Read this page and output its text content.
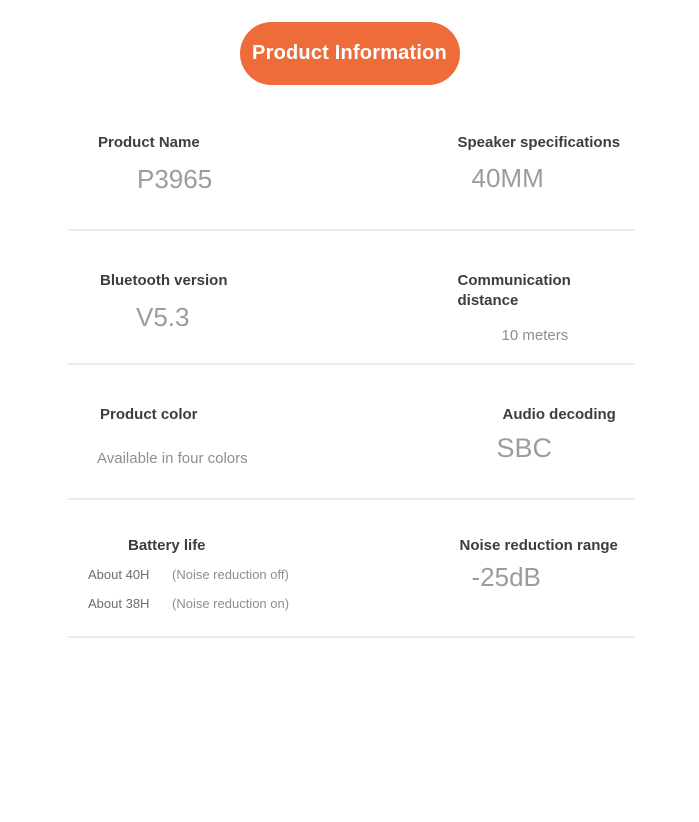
Product Information
Product Name
P3965
Speaker specifications
40MM
Bluetooth version
V5.3
Communication distance
10 meters
Product color
Available in four colors
Audio decoding
SBC
Battery life
About 40H	(Noise reduction off)
About 38H	(Noise reduction on)
Noise reduction range
-25dB
